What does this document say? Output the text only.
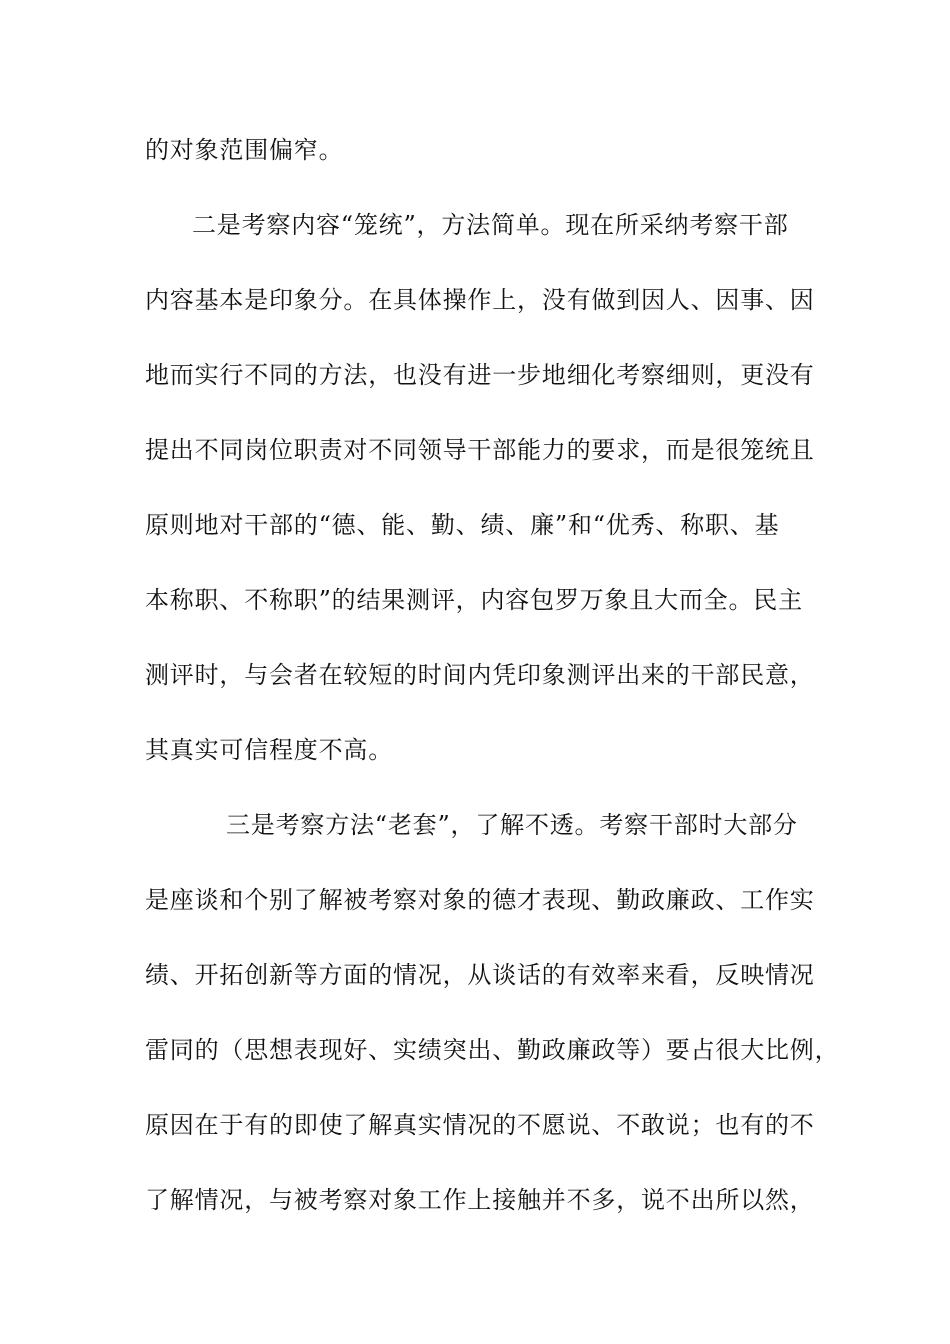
的对象范围偏窄。
二是考察内容“笼统”，方法简单。现在所采纳考察干部
内容基本是印象分。在具体操作上，没有做到因人、因事、因
地而实行不同的方法，也没有进一步地细化考察细则，更没有
提出不同岗位职责对不同领导干部能力的要求，而是很笼统且
原则地对干部的“德、能、勤、绩、廉”和“优秀、称职、基
本称职、不称职”的结果测评，内容包罗万象且大而全。民主
测评时，与会者在较短的时间内凭印象测评出来的干部民意，
其真实可信程度不高。
三是考察方法“老套”，了解不透。考察干部时大部分
是座谈和个别了解被考察对象的德才表现、勤政廉政、工作实
绩、开拓创新等方面的情况，从谈话的有效率来看，反映情况
雷同的（思想表现好、实绩突出、勤政廉政等）要占很大比例，
原因在于有的即使了解真实情况的不愿说、不敢说；也有的不
了解情况，与被考察对象工作上接触并不多，说不出所以然，
